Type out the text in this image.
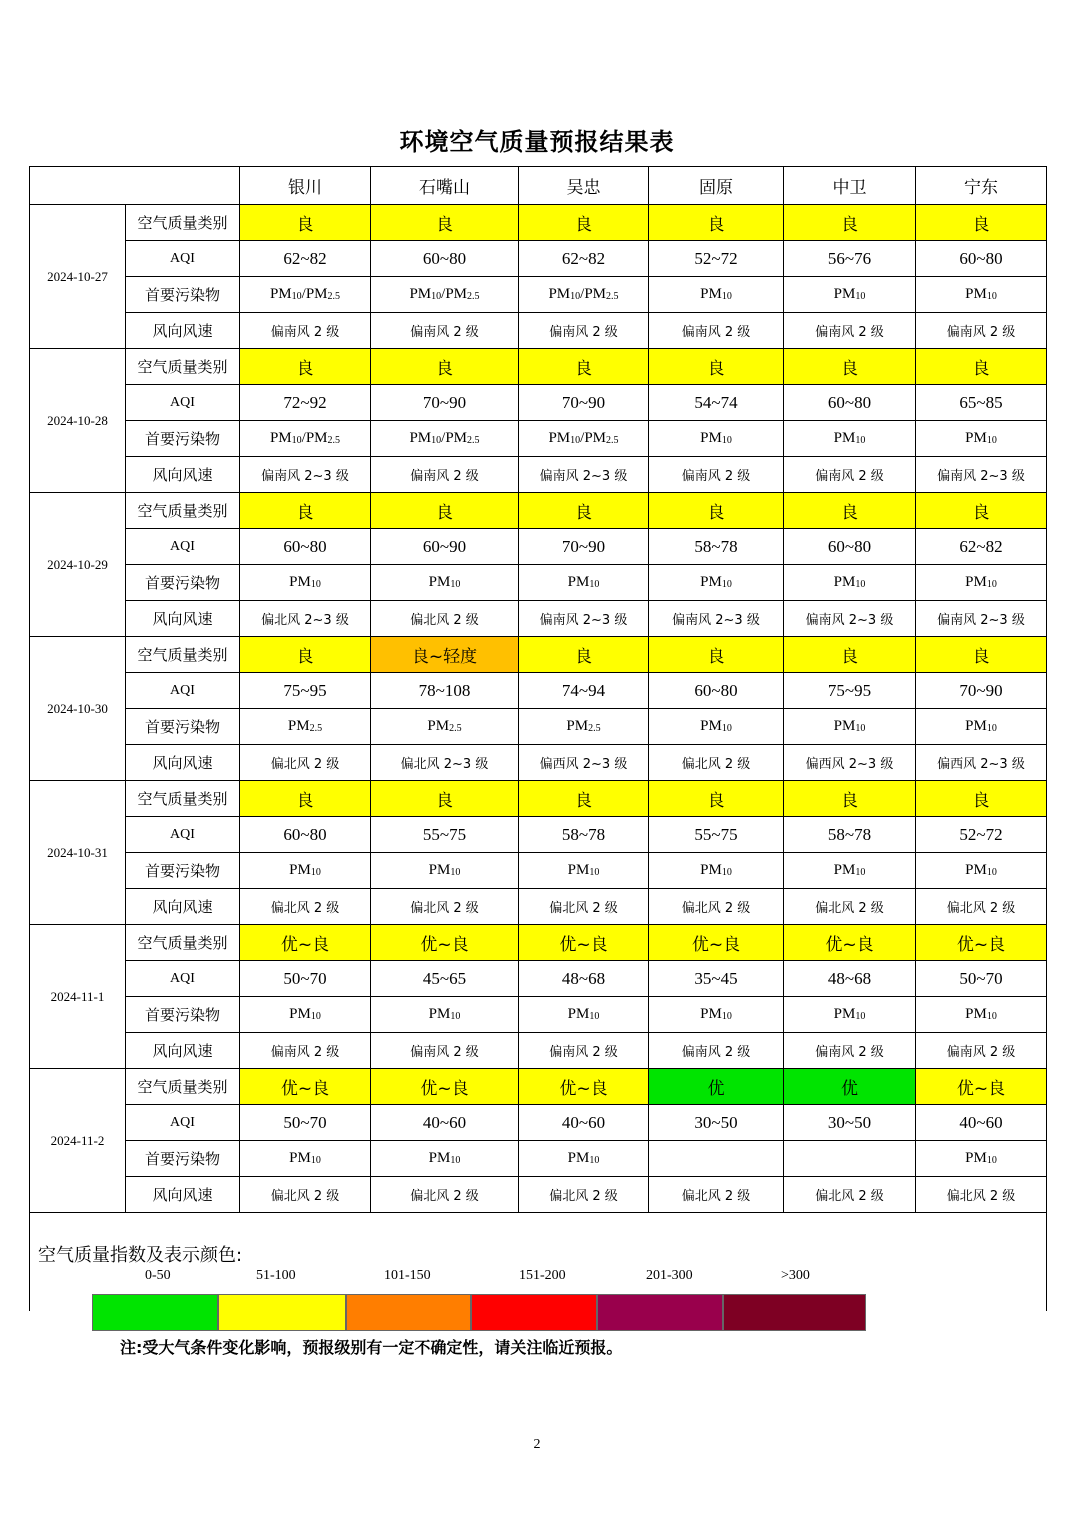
环境空气质量预报结果表
		银川	石嘴山	吴忠	固原	中卫	宁东
2024-10-27	空气质量类别	良	良	良	良	良	良
	AQI	62~82	60~80	62~82	52~72	56~76	60~80
	首要污染物	$PM_{10}/PM_{2.5}$	$PM_{10}/PM_{2.5}$	$PM_{10}/PM_{2.5}$	$PM_{10}$	$PM_{10}$	$PM_{10}$
	风向风速	偏南风 2 级	偏南风 2 级	偏南风 2 级	偏南风 2 级	偏南风 2 级	偏南风 2 级
2024-10-28	空气质量类别	良	良	良	良	良	良
	AQI	72~92	70~90	70~90	54~74	60~80	65~85
	首要污染物	$PM_{10}/PM_{2.5}$	$PM_{10}/PM_{2.5}$	$PM_{10}/PM_{2.5}$	$PM_{10}$	$PM_{10}$	$PM_{10}$
	风向风速	偏南风 2~3 级	偏南风 2 级	偏南风 2~3 级	偏南风 2 级	偏南风 2 级	偏南风 2~3 级
2024-10-29	空气质量类别	良	良	良	良	良	良
	AQI	60~80	60~90	70~90	58~78	60~80	62~82
	首要污染物	$PM_{10}$	$PM_{10}$	$PM_{10}$	$PM_{10}$	$PM_{10}$	$PM_{10}$
	风向风速	偏北风 2~3 级	偏北风 2 级	偏南风 2~3 级	偏南风 2~3 级	偏南风 2~3 级	偏南风 2~3 级
2024-10-30	空气质量类别	良	良~轻度	良	良	良	良
	AQI	75~95	78~108	74~94	60~80	75~95	70~90
	首要污染物	$PM_{2.5}$	$PM_{2.5}$	$PM_{2.5}$	$PM_{10}$	$PM_{10}$	$PM_{10}$
	风向风速	偏北风 2 级	偏北风 2~3 级	偏西风 2~3 级	偏北风 2 级	偏西风 2~3 级	偏西风 2~3 级
2024-10-31	空气质量类别	良	良	良	良	良	良
	AQI	60~80	55~75	58~78	55~75	58~78	52~72
	首要污染物	$PM_{10}$	$PM_{10}$	$PM_{10}$	$PM_{10}$	$PM_{10}$	$PM_{10}$
	风向风速	偏北风 2 级	偏北风 2 级	偏北风 2 级	偏北风 2 级	偏北风 2 级	偏北风 2 级
2024-11-1	空气质量类别	优~良	优~良	优~良	优~良	优~良	优~良
	AQI	50~70	45~65	48~68	35~45	48~68	50~70
	首要污染物	$PM_{10}$	$PM_{10}$	$PM_{10}$	$PM_{10}$	$PM_{10}$	$PM_{10}$
	风向风速	偏南风 2 级	偏南风 2 级	偏南风 2 级	偏南风 2 级	偏南风 2 级	偏南风 2 级
2024-11-2	空气质量类别	优~良	优~良	优~良	优	优	优~良
	AQI	50~70	40~60	40~60	30~50	30~50	40~60
	首要污染物	$PM_{10}$	$PM_{10}$	$PM_{10}$			$PM_{10}$
	风向风速	偏北风 2 级	偏北风 2 级	偏北风 2 级	偏北风 2 级	偏北风 2 级	偏北风 2 级

空气质量指数及表示颜色:
0-50	51-100	101-150	151-200	201-300	>300
注:受大气条件变化影响，预报级别有一定不确定性，请关注临近预报。
2
